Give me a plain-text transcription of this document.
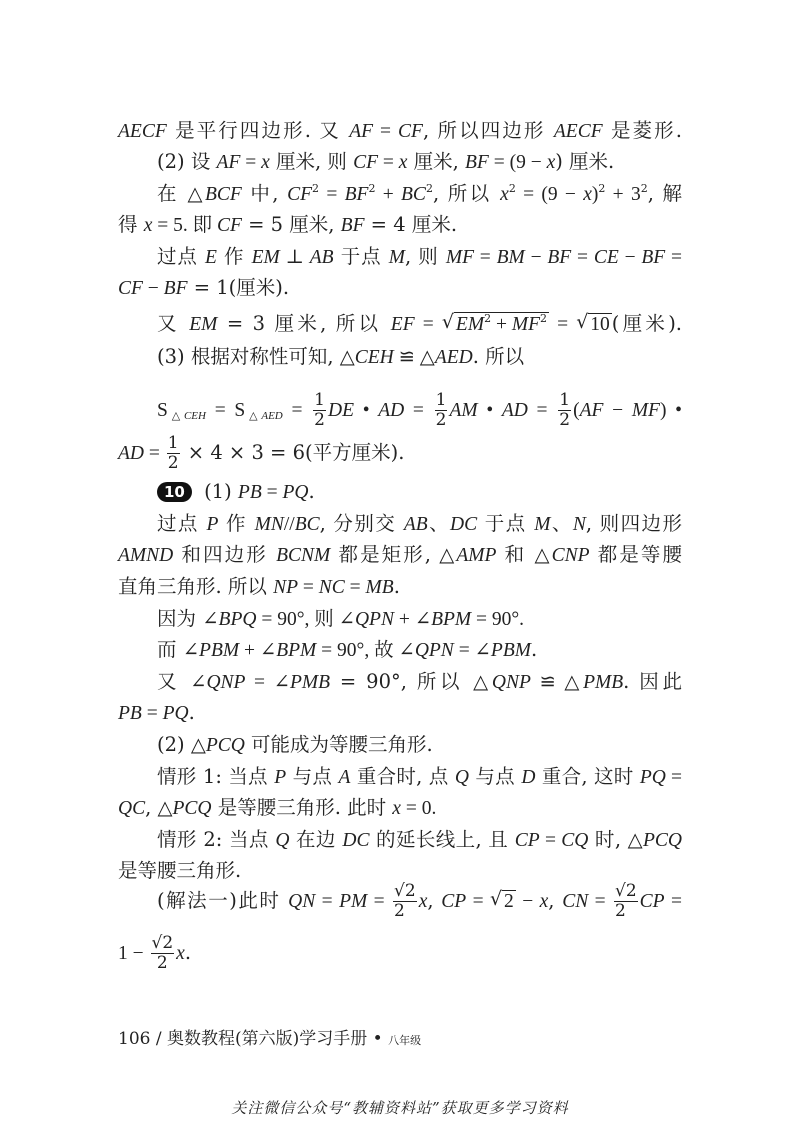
AECF 是平行四边形. 又 AF = CF, 所以四边形 AECF 是菱形.
(2) 设 AF = x 厘米, 则 CF = x 厘米, BF = (9 − x) 厘米.
在 △BCF 中, $CF^2 = BF^2 + BC^2$, 所以 $x^2 = (9 - x)^2 + 3^2$, 解
得 x = 5. 即 CF = 5 厘米, BF = 4 厘米.
过点 E 作 EM ⊥ AB 于点 M, 则 MF = BM − BF = CE − BF =
CF − BF = 1(厘米).
又 EM = 3 厘米, 所以 EF = √ $EM^2 + MF^2$ = √ 10 (厘米).
(3) 根据对称性可知, △CEH ≌ △AED. 所以
$S_{\triangle CEH} = S_{\triangle AED} = \frac{1}{2}$ DE • AD = $\frac{1}{2}$ AM • AD = $\frac{1}{2} (AF - MF)$ •
AD = $\frac{1}{2} \times 4 \times 3 = 6$(平方厘米).
10 (1) PB = PQ.
过点 P 作 MN//BC, 分别交 AB、DC 于点 M、N, 则四边形
AMND 和四边形 BCNM 都是矩形, △AMP 和 △CNP 都是等腰
直角三角形. 所以 NP = NC = MB.
因为 ∠BPQ = 90°, 则 ∠QPN + ∠BPM = 90°.
而 ∠PBM + ∠BPM = 90°, 故 ∠QPN = ∠PBM.
又 ∠QNP = ∠PMB = 90°, 所以 △QNP ≌ △PMB. 因此
PB = PQ.
(2) △PCQ 可能成为等腰三角形.
情形 1: 当点 P 与点 A 重合时, 点 Q 与点 D 重合, 这时 PQ =
QC, △PCQ 是等腰三角形. 此时 x = 0.
情形 2: 当点 Q 在边 DC 的延长线上, 且 CP = CQ 时, △PCQ
是等腰三角形.
(解法一)此时 QN = PM = $\frac{√2}{2} x$, CP = √ 2 − x, CN = $\frac{√2}{2}$ CP =
$1 - \frac{√2}{2} x$.
106 / 奥数教程(第六版)学习手册 • 八年级
关注微信公众号“教辅资料站”获取更多学习资料
